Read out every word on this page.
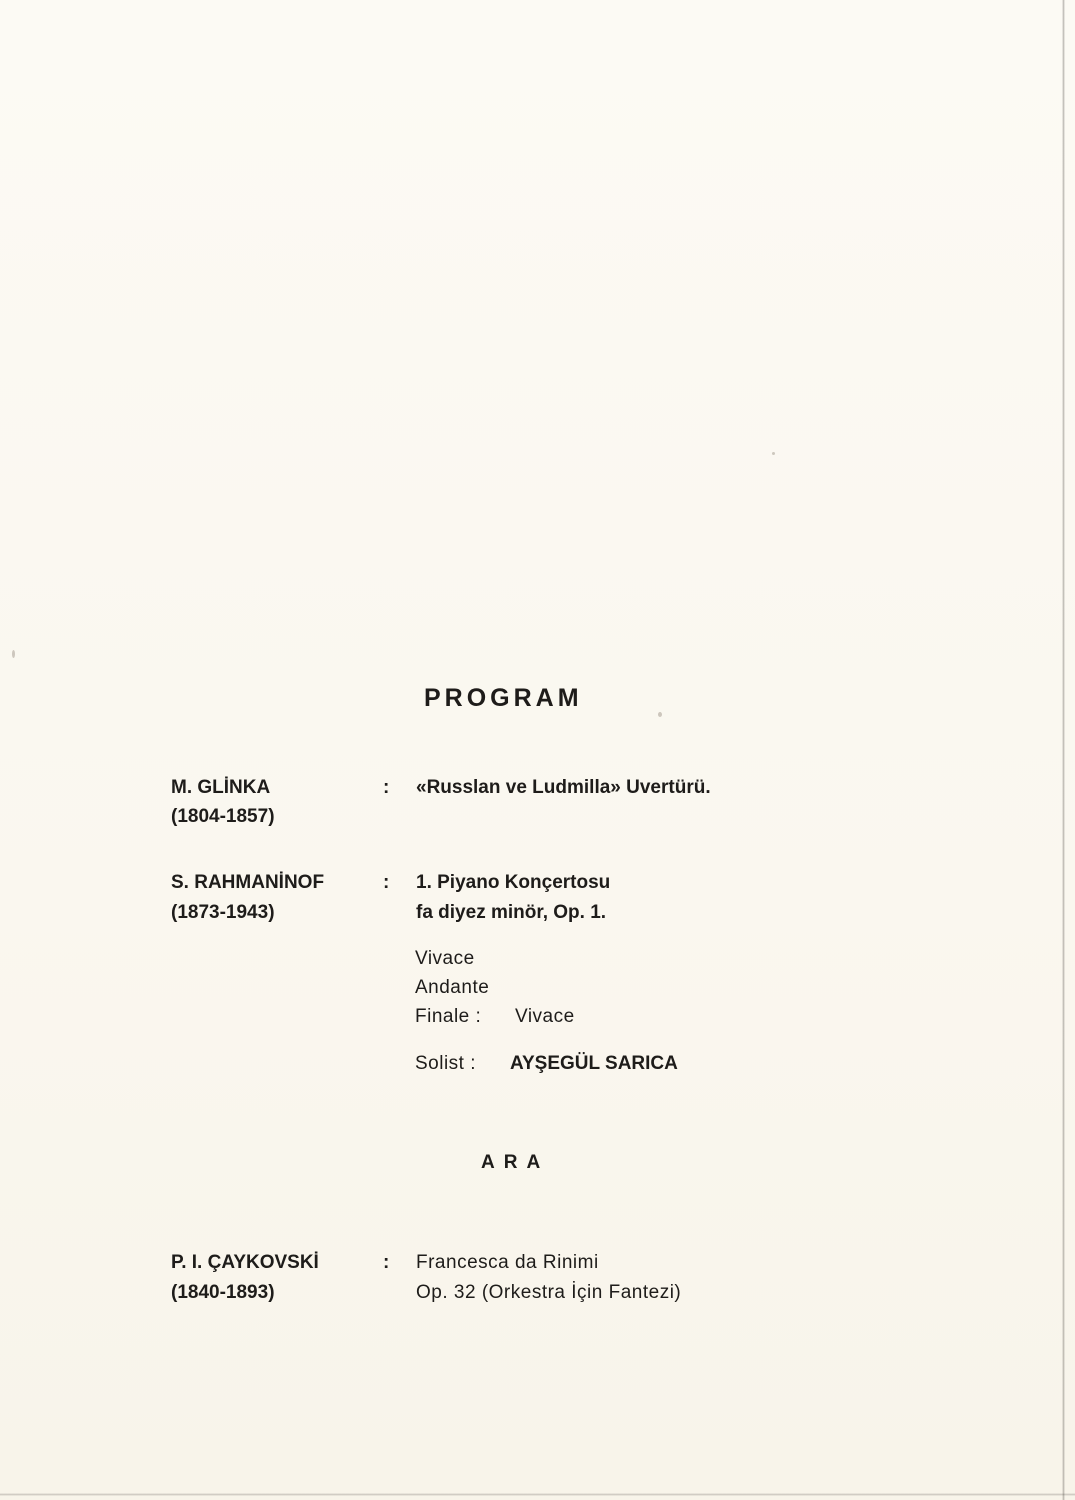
PROGRAM
M. GLİNKA
(1804-1857)
: «Russlan ve Ludmilla» Uvertürü.
S. RAHMANİNOF
(1873-1943)
: 1. Piyano Konçertosu
fa diyez minör, Op. 1.
Vivace
Andante
Finale : Vivace
Solist : AYŞEGÜL SARICA
ARA
P. I. ÇAYKOVSKİ
(1840-1893)
: Francesca da Rinimi
Op. 32 (Orkestra İçin Fantezi)
